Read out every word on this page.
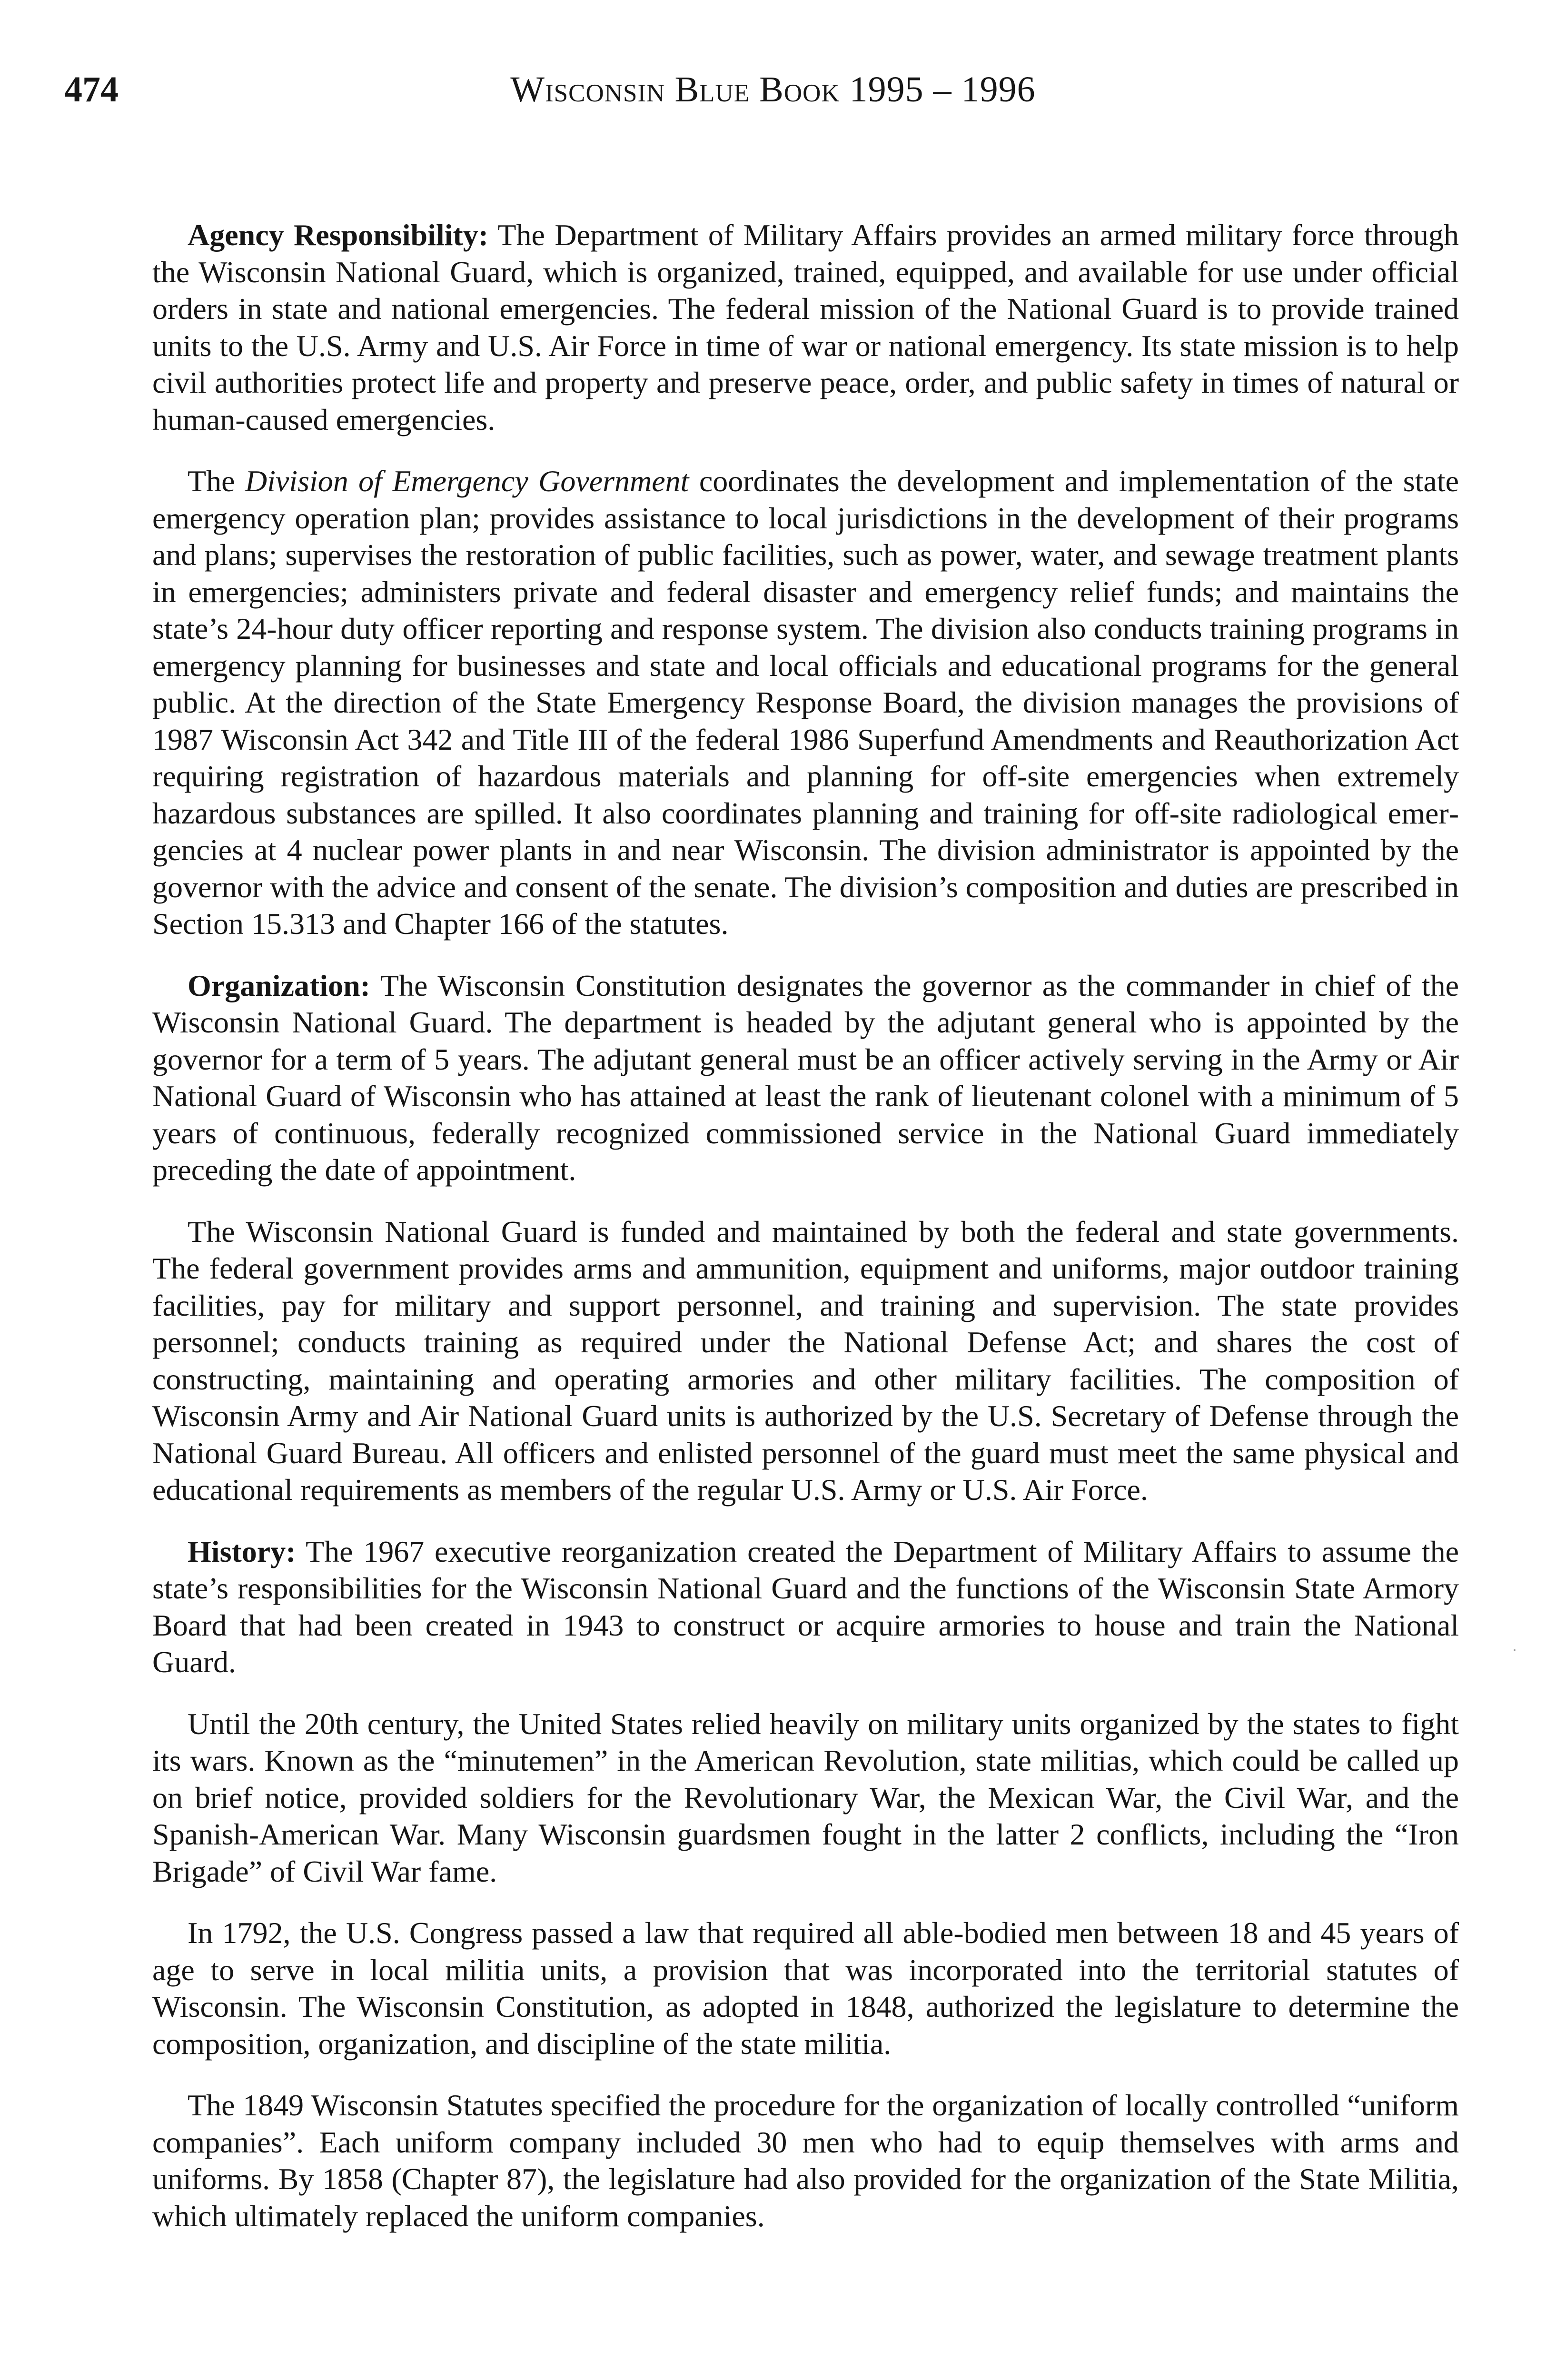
474	Wisconsin Blue Book 1995 – 1996

Agency Responsibility: The Department of Military Affairs provides an armed military force through the Wisconsin National Guard, which is organized, trained, equipped, and available for use under official orders in state and national emergencies. The federal mission of the National Guard is to provide trained units to the U.S. Army and U.S. Air Force in time of war or national emergency. Its state mission is to help civil authorities protect life and property and preserve peace, order, and public safety in times of natural or human-caused emergencies.

The Division of Emergency Government coordinates the development and implementation of the state emergency operation plan; provides assistance to local jurisdictions in the development of their programs and plans; supervises the restoration of public facilities, such as power, water, and sewage treatment plants in emergencies; administers private and federal disaster and emergency relief funds; and maintains the state’s 24-hour duty officer reporting and response system. The division also conducts training programs in emergency planning for businesses and state and local officials and educational programs for the general public. At the direction of the State Emergency Response Board, the division manages the provisions of 1987 Wisconsin Act 342 and Title III of the federal 1986 Superfund Amendments and Reauthorization Act requiring registration of hazardous materials and planning for off-site emergencies when extremely hazardous substances are spilled. It also coordinates planning and training for off-site radiological emergencies at 4 nuclear power plants in and near Wisconsin. The division administrator is appointed by the governor with the advice and consent of the senate. The division’s composition and duties are prescribed in Section 15.313 and Chapter 166 of the statutes.

Organization: The Wisconsin Constitution designates the governor as the commander in chief of the Wisconsin National Guard. The department is headed by the adjutant general who is appointed by the governor for a term of 5 years. The adjutant general must be an officer actively serving in the Army or Air National Guard of Wisconsin who has attained at least the rank of lieutenant colonel with a minimum of 5 years of continuous, federally recognized commissioned service in the National Guard immediately preceding the date of appointment.

The Wisconsin National Guard is funded and maintained by both the federal and state governments. The federal government provides arms and ammunition, equipment and uniforms, major outdoor training facilities, pay for military and support personnel, and training and supervision. The state provides personnel; conducts training as required under the National Defense Act; and shares the cost of constructing, maintaining and operating armories and other military facilities. The composition of Wisconsin Army and Air National Guard units is authorized by the U.S. Secretary of Defense through the National Guard Bureau. All officers and enlisted personnel of the guard must meet the same physical and educational requirements as members of the regular U.S. Army or U.S. Air Force.

History: The 1967 executive reorganization created the Department of Military Affairs to assume the state’s responsibilities for the Wisconsin National Guard and the functions of the Wisconsin State Armory Board that had been created in 1943 to construct or acquire armories to house and train the National Guard.

Until the 20th century, the United States relied heavily on military units organized by the states to fight its wars. Known as the “minutemen” in the American Revolution, state militias, which could be called up on brief notice, provided soldiers for the Revolutionary War, the Mexican War, the Civil War, and the Spanish-American War. Many Wisconsin guardsmen fought in the latter 2 conflicts, including the “Iron Brigade” of Civil War fame.

In 1792, the U.S. Congress passed a law that required all able-bodied men between 18 and 45 years of age to serve in local militia units, a provision that was incorporated into the territorial statutes of Wisconsin. The Wisconsin Constitution, as adopted in 1848, authorized the legislature to determine the composition, organization, and discipline of the state militia.

The 1849 Wisconsin Statutes specified the procedure for the organization of locally controlled “uniform companies”. Each uniform company included 30 men who had to equip themselves with arms and uniforms. By 1858 (Chapter 87), the legislature had also provided for the organization of the State Militia, which ultimately replaced the uniform companies.
